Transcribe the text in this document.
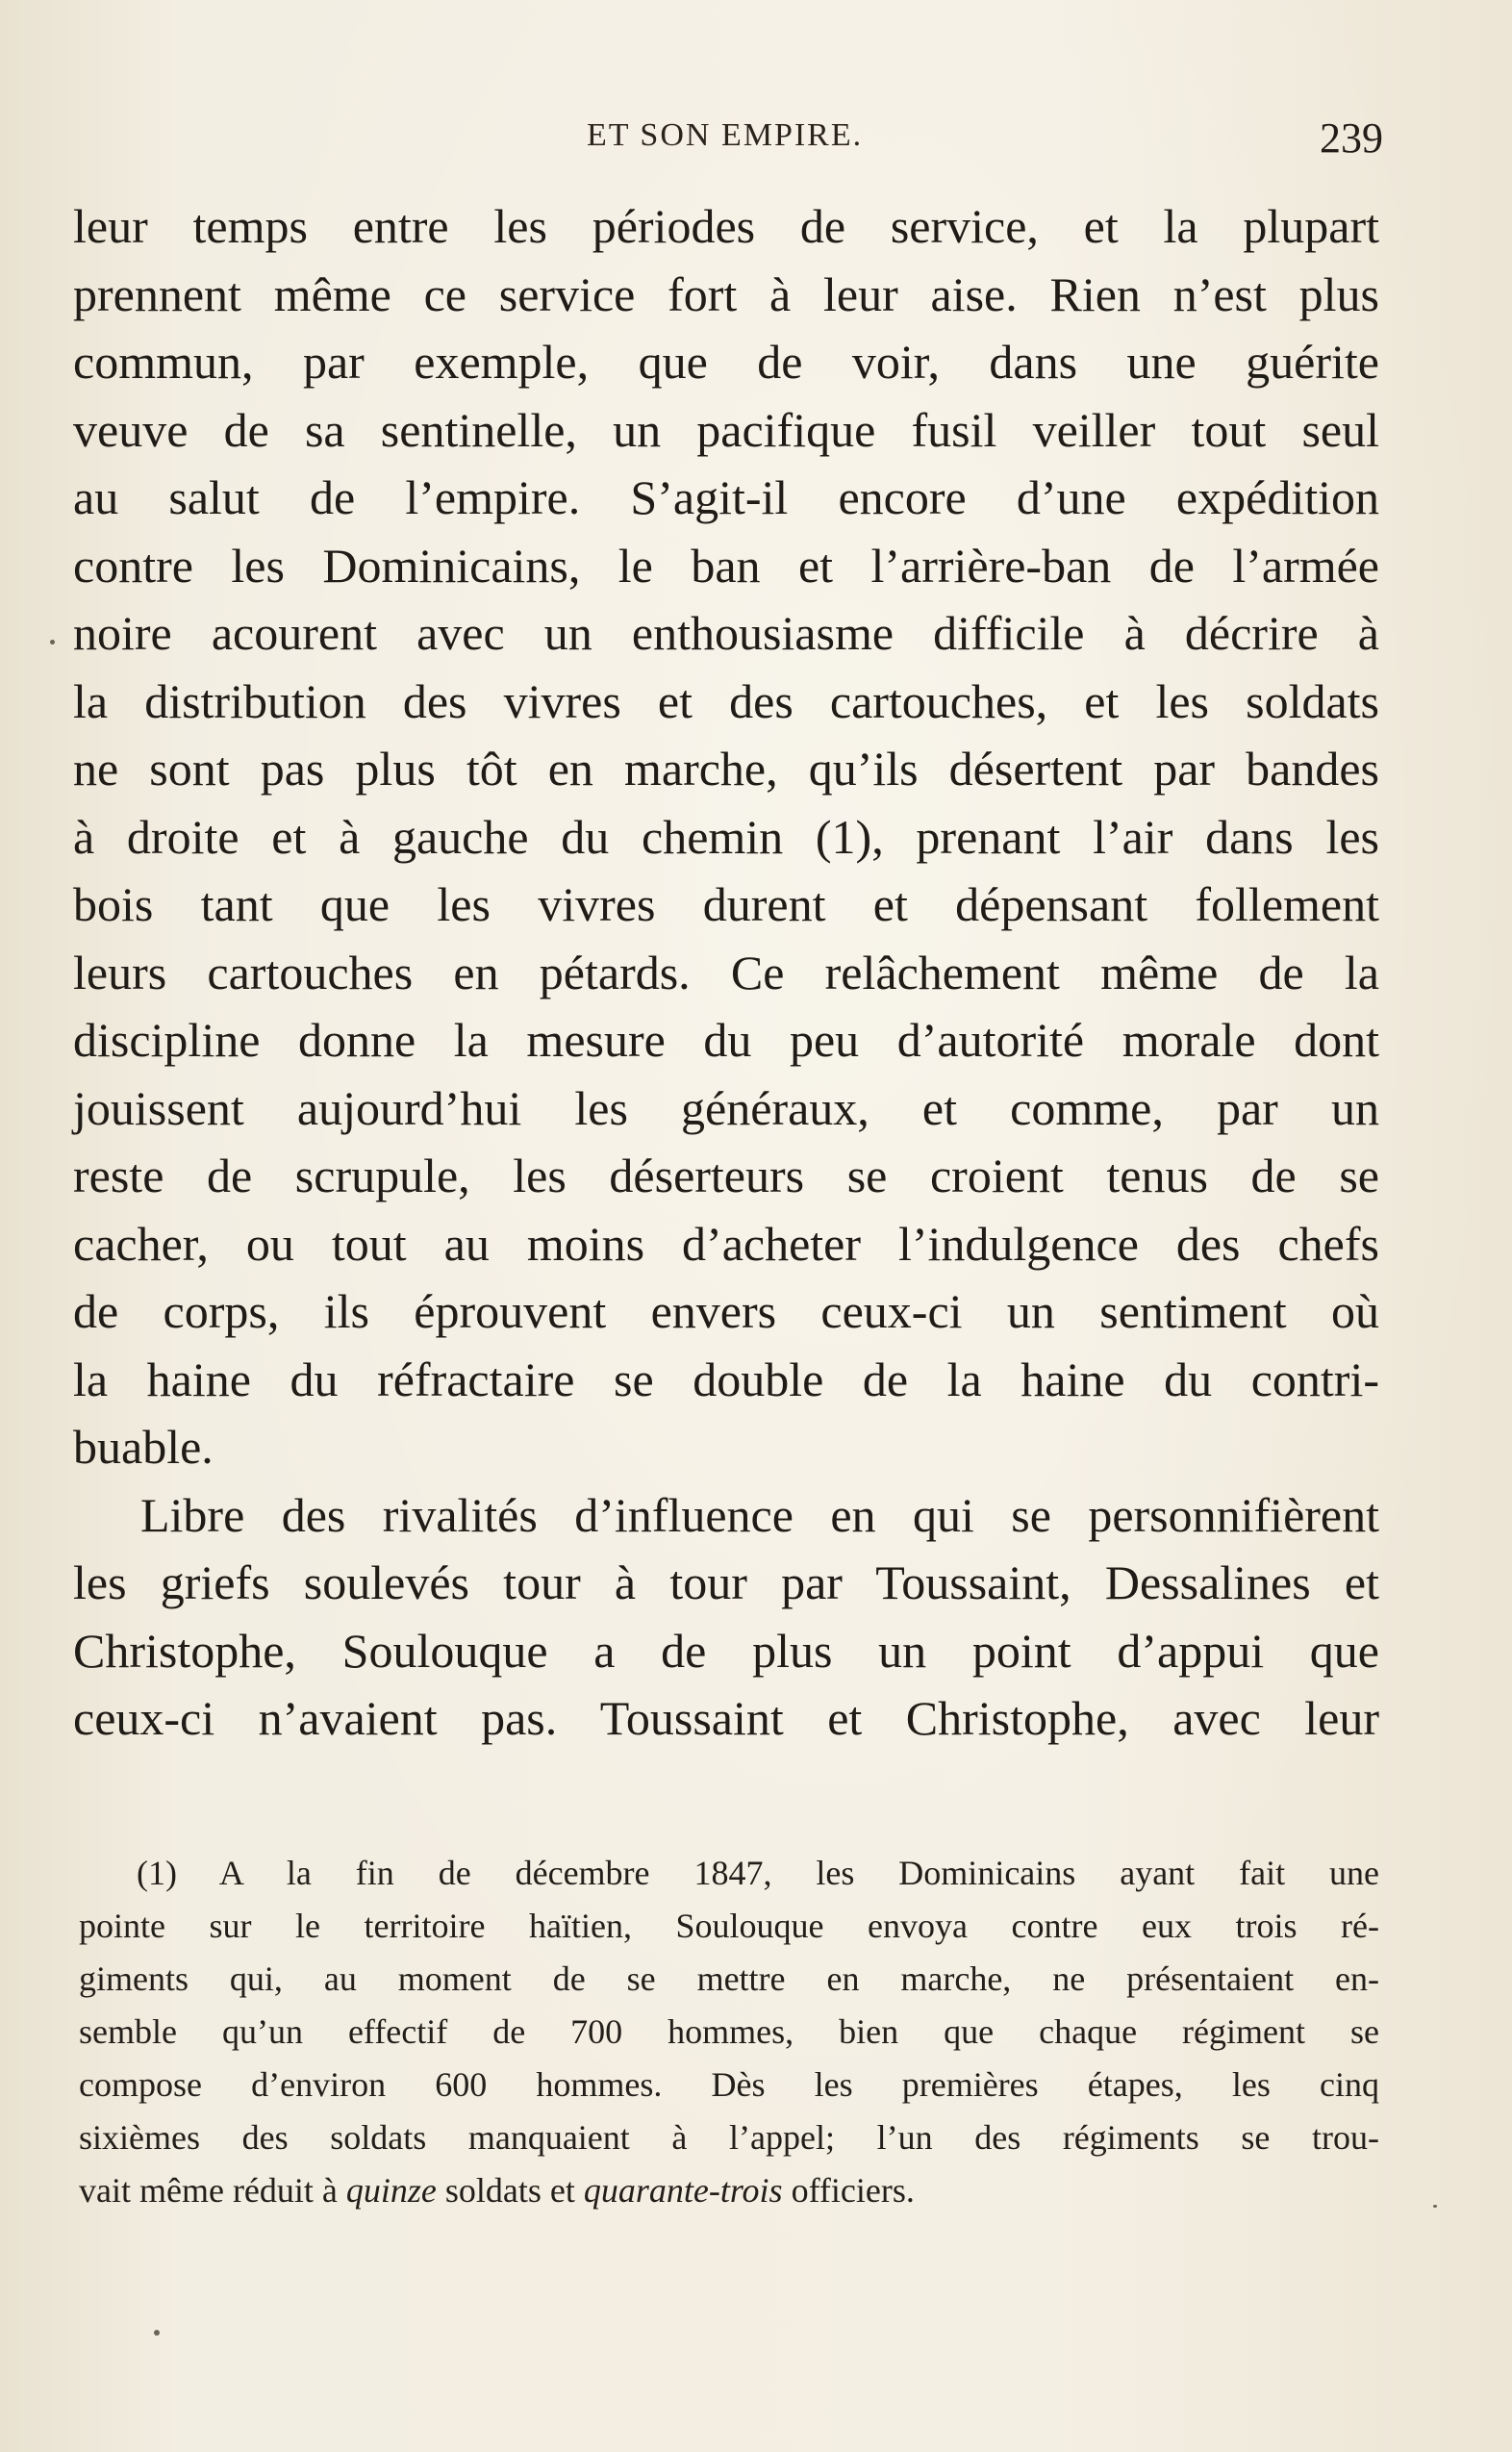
ET SON EMPIRE.	239
leur temps entre les périodes de service, et la plupart
prennent même ce service fort à leur aise. Rien n’est plus
commun, par exemple, que de voir, dans une guérite
veuve de sa sentinelle, un pacifique fusil veiller tout seul
au salut de l’empire. S’agit-il encore d’une expédition
contre les Dominicains, le ban et l’arrière-ban de l’armée
noire acourent avec un enthousiasme difficile à décrire à
la distribution des vivres et des cartouches, et les soldats
ne sont pas plus tôt en marche, qu’ils désertent par bandes
à droite et à gauche du chemin (1), prenant l’air dans les
bois tant que les vivres durent et dépensant follement
leurs cartouches en pétards. Ce relâchement même de la
discipline donne la mesure du peu d’autorité morale dont
jouissent aujourd’hui les généraux, et comme, par un
reste de scrupule, les déserteurs se croient tenus de se
cacher, ou tout au moins d’acheter l’indulgence des chefs
de corps, ils éprouvent envers ceux-ci un sentiment où
la haine du réfractaire se double de la haine du contri-
buable.
Libre des rivalités d’influence en qui se personnifièrent
les griefs soulevés tour à tour par Toussaint, Dessalines et
Christophe, Soulouque a de plus un point d’appui que
ceux-ci n’avaient pas. Toussaint et Christophe, avec leur
(1) A la fin de décembre 1847, les Dominicains ayant fait une
pointe sur le territoire haïtien, Soulouque envoya contre eux trois ré-
giments qui, au moment de se mettre en marche, ne présentaient en-
semble qu’un effectif de 700 hommes, bien que chaque régiment se
compose d’environ 600 hommes. Dès les premières étapes, les cinq
sixièmes des soldats manquaient à l’appel; l’un des régiments se trou-
vait même réduit à quinze soldats et quarante-trois officiers.
